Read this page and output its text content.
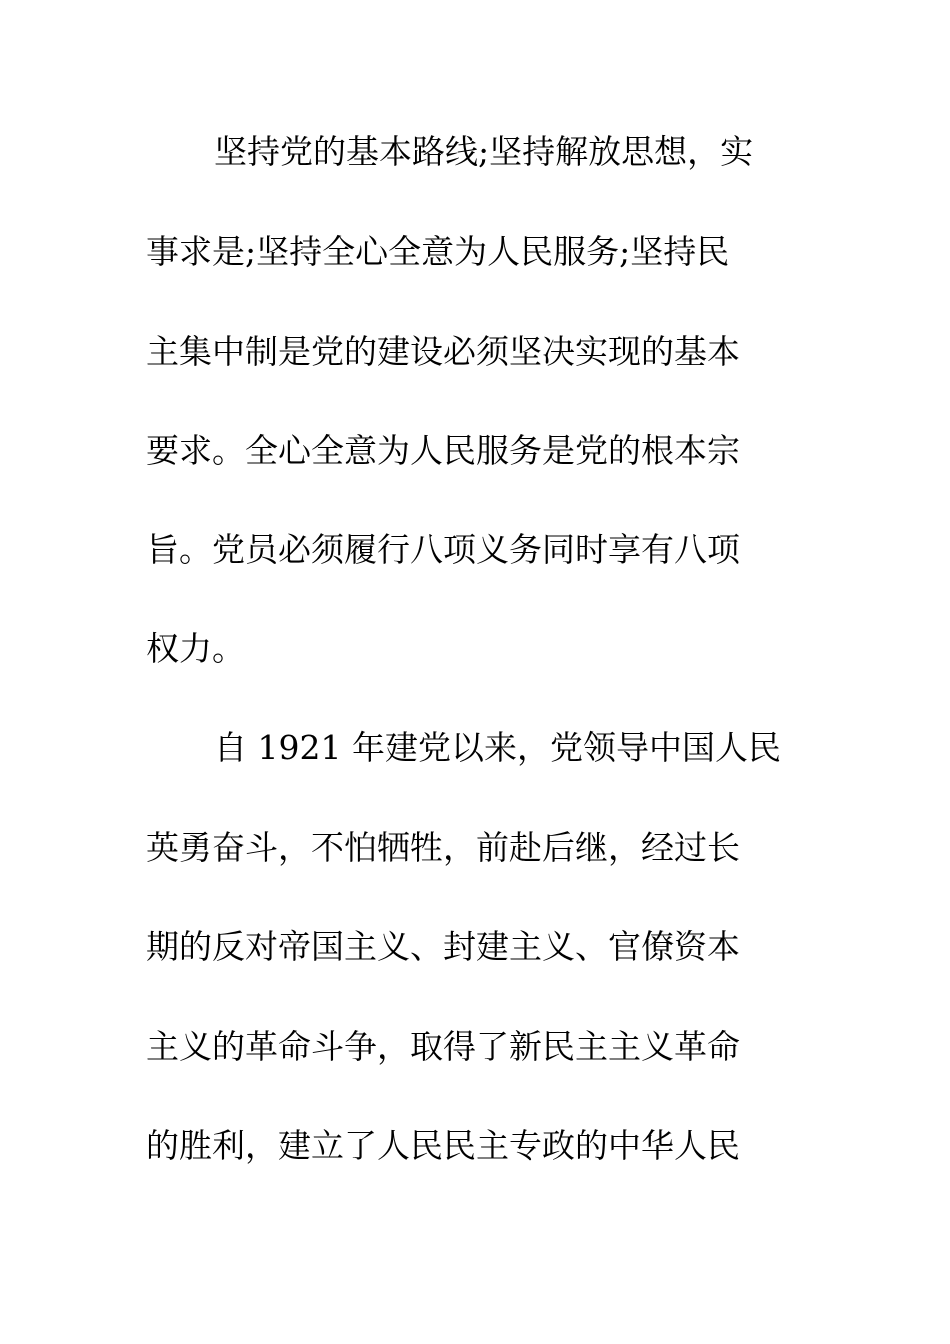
坚持党的基本路线;坚持解放思想，实
事求是;坚持全心全意为人民服务;坚持民
主集中制是党的建设必须坚决实现的基本
要求。全心全意为人民服务是党的根本宗
旨。党员必须履行八项义务同时享有八项
权力。
自 1921 年建党以来，党领导中国人民
英勇奋斗，不怕牺牲，前赴后继，经过长
期的反对帝国主义、封建主义、官僚资本
主义的革命斗争，取得了新民主主义革命
的胜利，建立了人民民主专政的中华人民
